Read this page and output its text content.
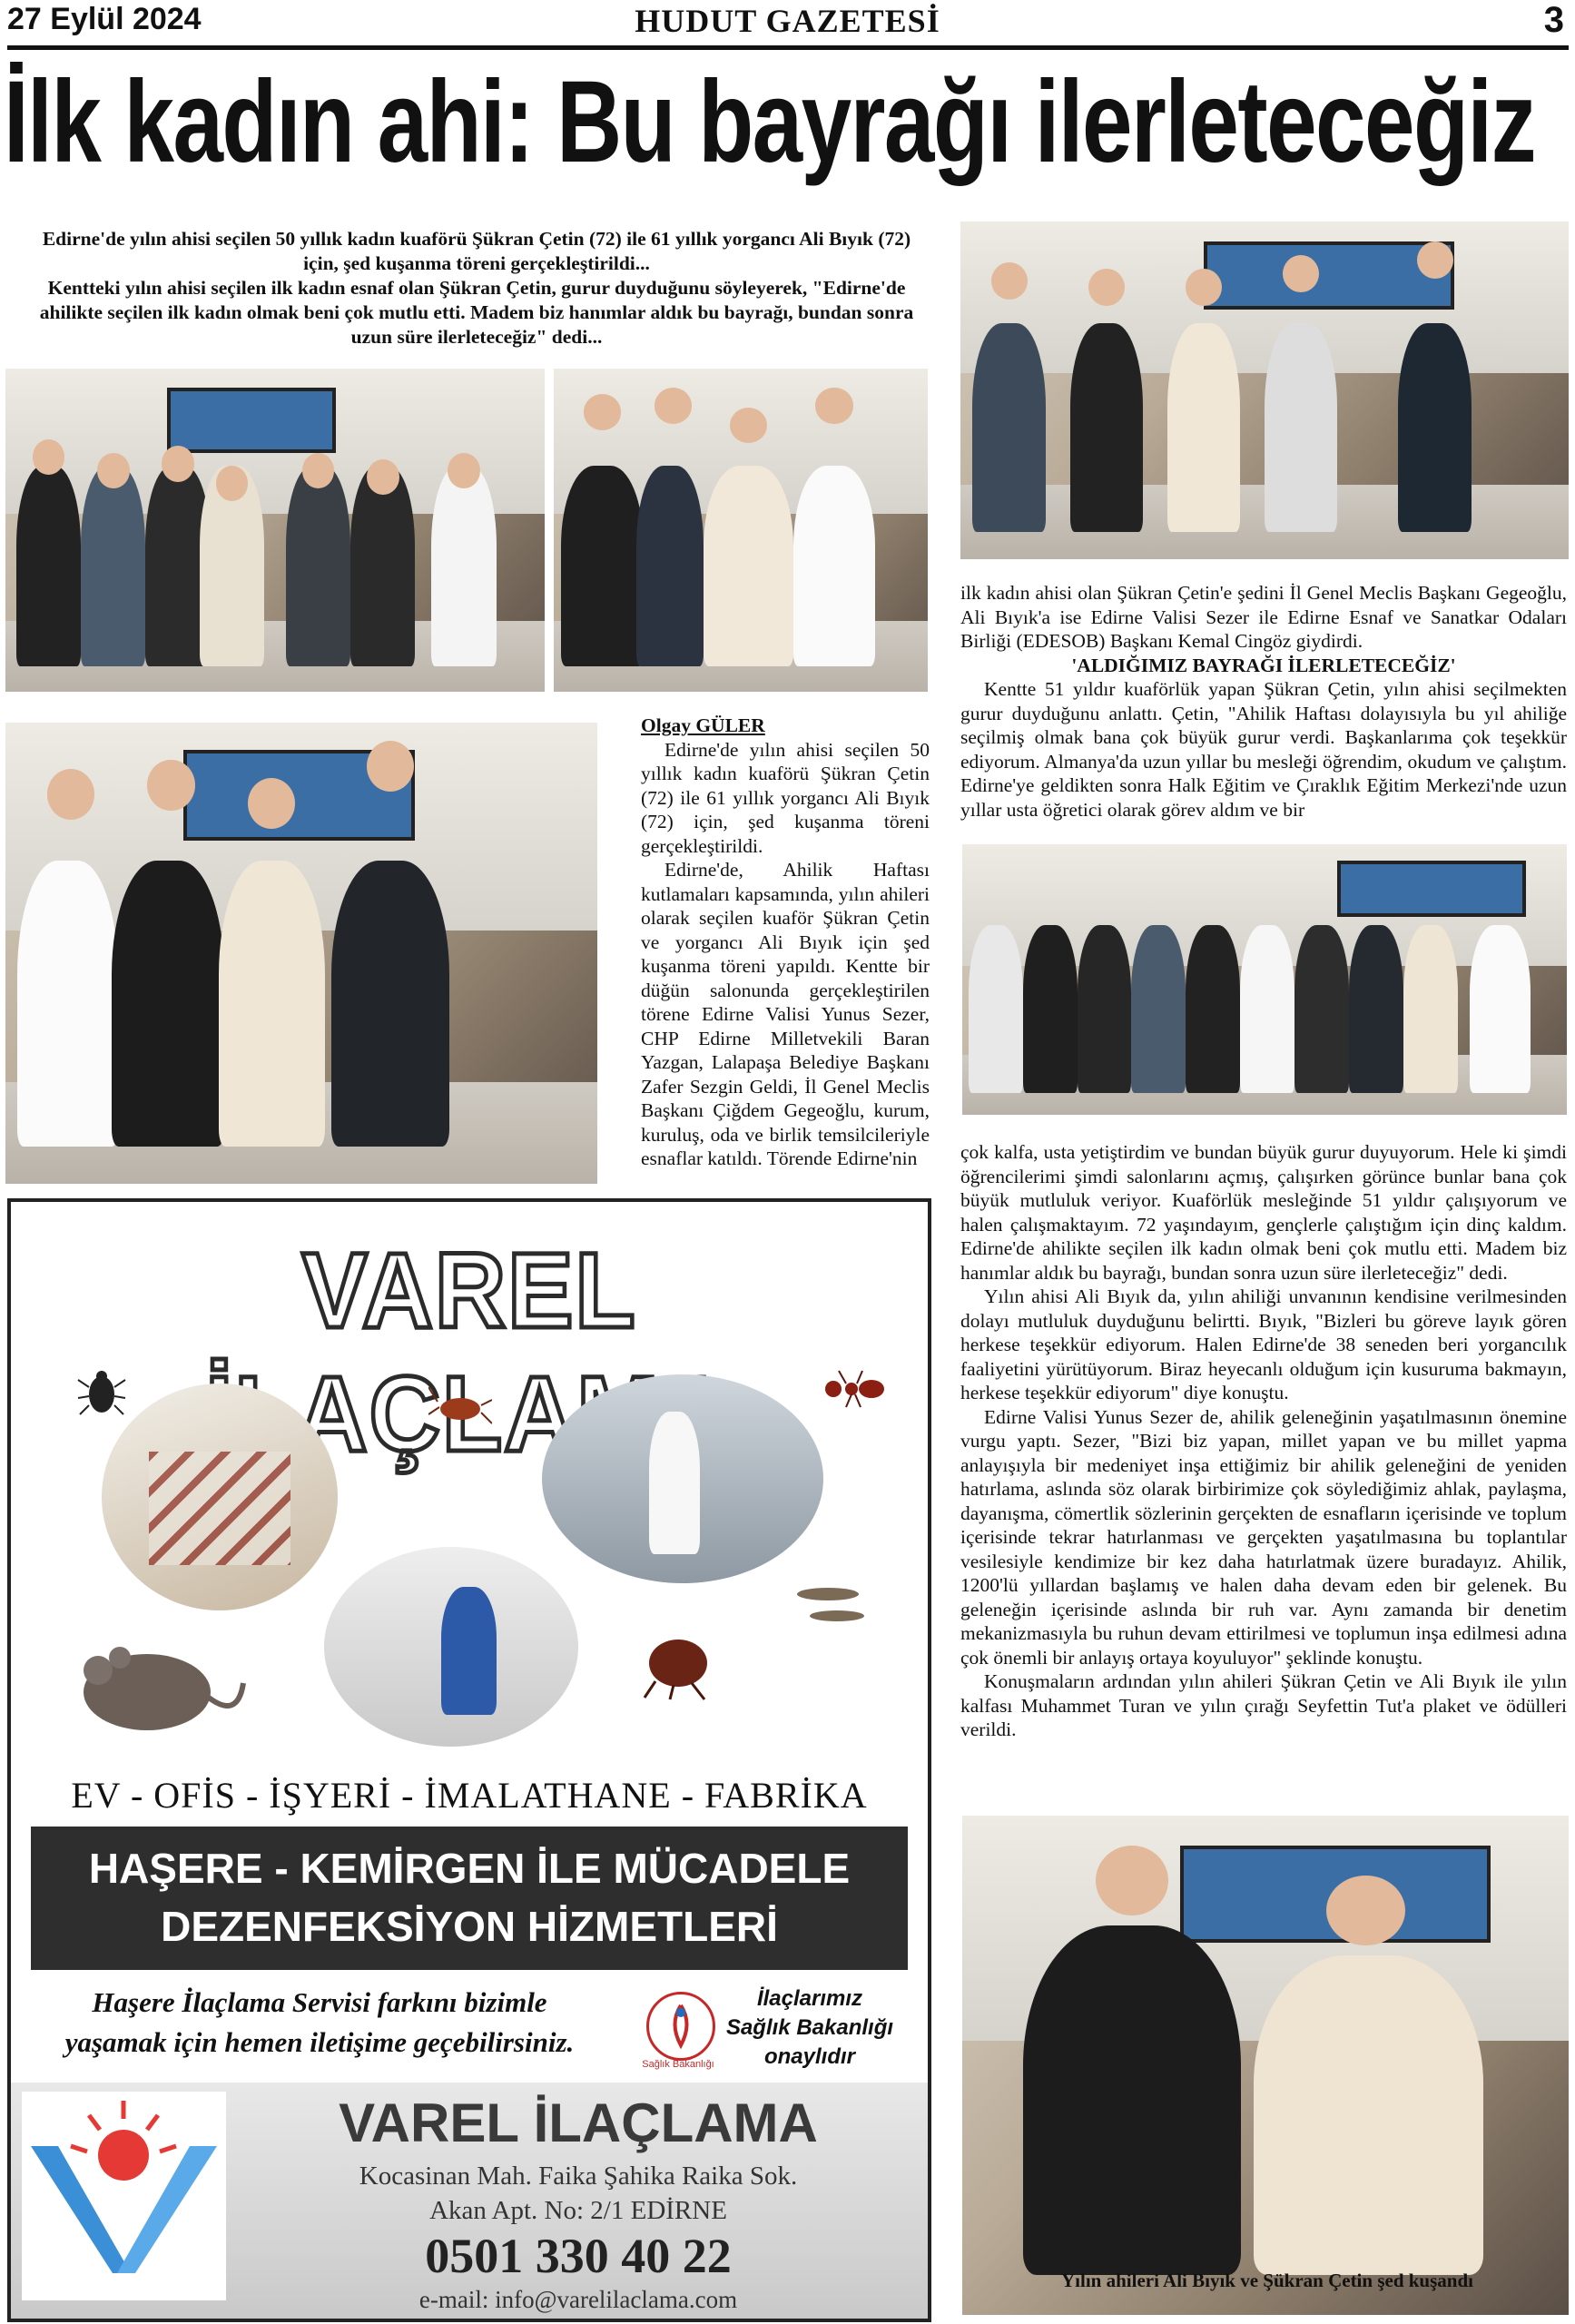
27 Eylül 2024	HUDUT GAZETESİ	3
İlk kadın ahi: Bu bayrağı ilerleteceğiz
Edirne'de yılın ahisi seçilen 50 yıllık kadın kuaförü Şükran Çetin (72) ile 61 yıllık yorgancı Ali Bıyık (72) için, şed kuşanma töreni gerçekleştirildi...
Kentteki yılın ahisi seçilen ilk kadın esnaf olan Şükran Çetin, gurur duyduğunu söyleyerek, "Edirne'de ahilikte seçilen ilk kadın olmak beni çok mutlu etti. Madem biz hanımlar aldık bu bayrağı, bundan sonra uzun süre ilerleteceğiz" dedi...
Yılın ahileri Ali Bıyık ve Şükran Çetin şed kuşandı

Olgay GÜLER

Edirne'de yılın ahisi seçilen 50 yıllık kadın kuaförü Şükran Çetin (72) ile 61 yıllık yorgancı Ali Bıyık (72) için, şed kuşanma töreni gerçekleştirildi.

Edirne'de, Ahilik Haftası kutlamaları kapsamında, yılın ahileri olarak seçilen kuaför Şükran Çetin ve yorgancı Ali Bıyık için şed kuşanma töreni yapıldı. Kentte bir düğün salonunda gerçekleştirilen törene Edirne Valisi Yunus Sezer, CHP Edirne Milletvekili Baran Yazgan, Lalapaşa Belediye Başkanı Zafer Sezgin Geldi, İl Genel Meclis Başkanı Çiğdem Gegeoğlu, kurum, kuruluş, oda ve birlik temsilcileriyle esnaflar katıldı. Törende Edirne'nin

ilk kadın ahisi olan Şükran Çetin'e şedini İl Genel Meclis Başkanı Gegeoğlu, Ali Bıyık'a ise Edirne Valisi Sezer ile Edirne Esnaf ve Sanatkar Odaları Birliği (EDESOB) Başkanı Kemal Cingöz giydirdi.

'ALDIĞIMIZ BAYRAĞI İLERLETECEĞİZ'

Kentte 51 yıldır kuaförlük yapan Şükran Çetin, yılın ahisi seçilmekten gurur duyduğunu anlattı. Çetin, "Ahilik Haftası dolayısıyla bu yıl ahiliğe seçilmiş olmak bana çok büyük gurur verdi. Başkanlarıma çok teşekkür ediyorum. Almanya'da uzun yıllar bu mesleği öğrendim, okudum ve çalıştım. Edirne'ye geldikten sonra Halk Eğitim ve Çıraklık Eğitim Merkezi'nde uzun yıllar usta öğretici olarak görev aldım ve bir

çok kalfa, usta yetiştirdim ve bundan büyük gurur duyuyorum. Hele ki şimdi öğrencilerimi şimdi salonlarını açmış, çalışırken görünce bunlar bana çok büyük mutluluk veriyor. Kuaförlük mesleğinde 51 yıldır çalışıyorum ve halen çalışmaktayım. 72 yaşındayım, gençlerle çalıştığım için dinç kaldım. Edirne'de ahilikte seçilen ilk kadın olmak beni çok mutlu etti. Madem biz hanımlar aldık bu bayrağı, bundan sonra uzun süre ilerleteceğiz" dedi.

Yılın ahisi Ali Bıyık da, yılın ahiliği unvanının kendisine verilmesinden dolayı mutluluk duyduğunu belirtti. Bıyık, "Bizleri bu göreve layık gören herkese teşekkür ediyorum. Halen Edirne'de 38 seneden beri yorgancılık faaliyetini yürütüyorum. Biraz heyecanlı olduğum için kusuruma bakmayın, herkese teşekkür ediyorum" diye konuştu.

Edirne Valisi Yunus Sezer de, ahilik geleneğinin yaşatılmasının önemine vurgu yaptı. Sezer, "Bizi biz yapan, millet yapan ve bu millet yapma anlayışıyla bir medeniyet inşa ettiğimiz bir ahilik geleneğini de yeniden hatırlama, aslında söz olarak birbirimize çok söylediğimiz ahlak, paylaşma, dayanışma, cömertlik sözlerinin gerçekten de esnafların içerisinde ve toplum içerisinde tekrar hatırlanması ve gerçekten yaşatılmasına bu toplantılar vesilesiyle kendimize bir kez daha hatırlatmak üzere buradayız. Ahilik, 1200'lü yıllardan başlamış ve halen daha devam eden bir gelenek. Bu geleneğin içerisinde aslında bir ruh var. Aynı zamanda bir denetim mekanizmasıyla bu ruhun devam ettirilmesi ve toplumun inşa edilmesi adına çok önemli bir anlayış ortaya koyuluyor" şeklinde konuştu.

Konuşmaların ardından yılın ahileri Şükran Çetin ve Ali Bıyık ile yılın kalfası Muhammet Turan ve yılın çırağı Seyfettin Tut'a plaket ve ödülleri verildi.

VAREL
EV - OFİS - İŞYERİ - İMALATHANE - FABRİKA
HAŞERE - KEMİRGEN İLE MÜCADELE
DEZENFEKSİYON HİZMETLERİ
Haşere İlaçlama Servisi farkını bizimle
yaşamak için hemen iletişime geçebilirsiniz.
Sağlık Bakanlığı
İlaçlarımız
Sağlık Bakanlığı
onaylıdır
VAREL İLAÇLAMA
Kocasinan Mah. Faika Şahika Raika Sok.
Akan Apt. No: 2/1 EDİRNE
0501 330 40 22
e-mail: info@varelilaclama.com
